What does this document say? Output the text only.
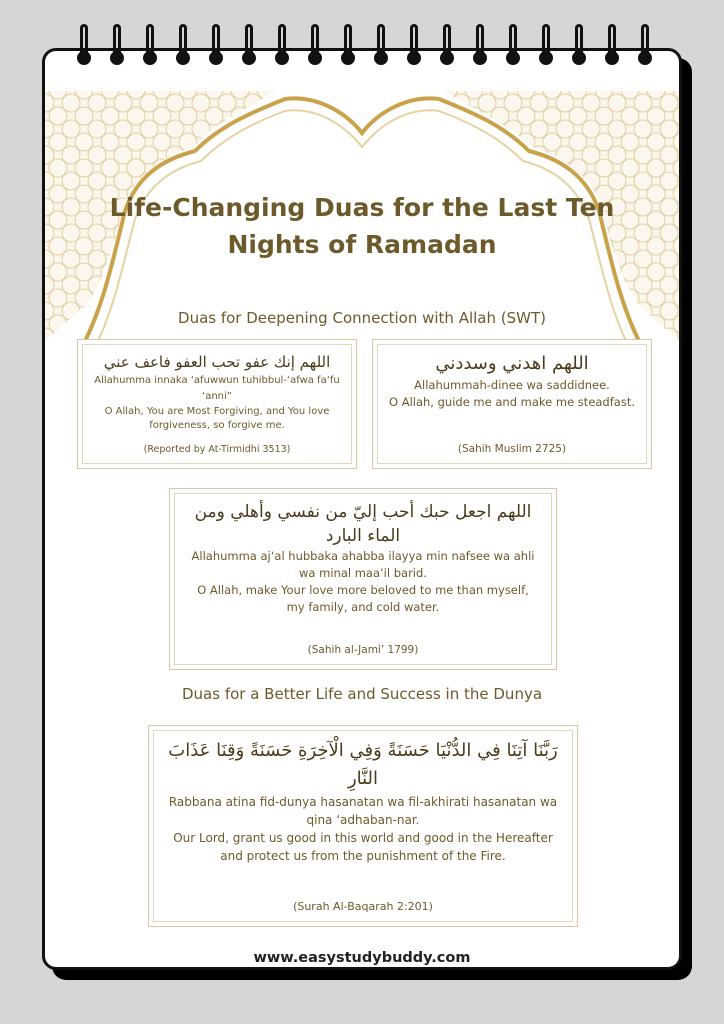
Life-Changing Duas for the Last Ten Nights of Ramadan

Duas for Deepening Connection with Allah (SWT)

اللهم إنك عفو تحب العفو فاعف عني

Allahumma innaka ‘afuwwun tuhibbul-‘afwa fa‘fu ‘anni”

O Allah, You are Most Forgiving, and You love forgiveness, so forgive me.

(Reported by At-Tirmidhi 3513)

اللهم اهدني وسددني

Allahummah-dinee wa saddidnee.

O Allah, guide me and make me steadfast.

(Sahih Muslim 2725)

اللهم اجعل حبك أحب إليّ من نفسي وأهلي ومن الماء البارد

Allahumma aj‘al hubbaka ahabba ilayya min nafsee wa ahli wa minal maa’il barid.

O Allah, make Your love more beloved to me than myself, my family, and cold water.

(Sahih al-Jami’ 1799)

Duas for a Better Life and Success in the Dunya

رَبَّنَا آتِنَا فِي الدُّنْيَا حَسَنَةً وَفِي الْآخِرَةِ حَسَنَةً وَقِنَا عَذَابَ النَّارِ

Rabbana atina fid-dunya hasanatan wa fil-akhirati hasanatan wa qina ‘adhaban-nar.

Our Lord, grant us good in this world and good in the Hereafter and protect us from the punishment of the Fire.

(Surah Al-Baqarah 2:201)

www.easystudybuddy.com
